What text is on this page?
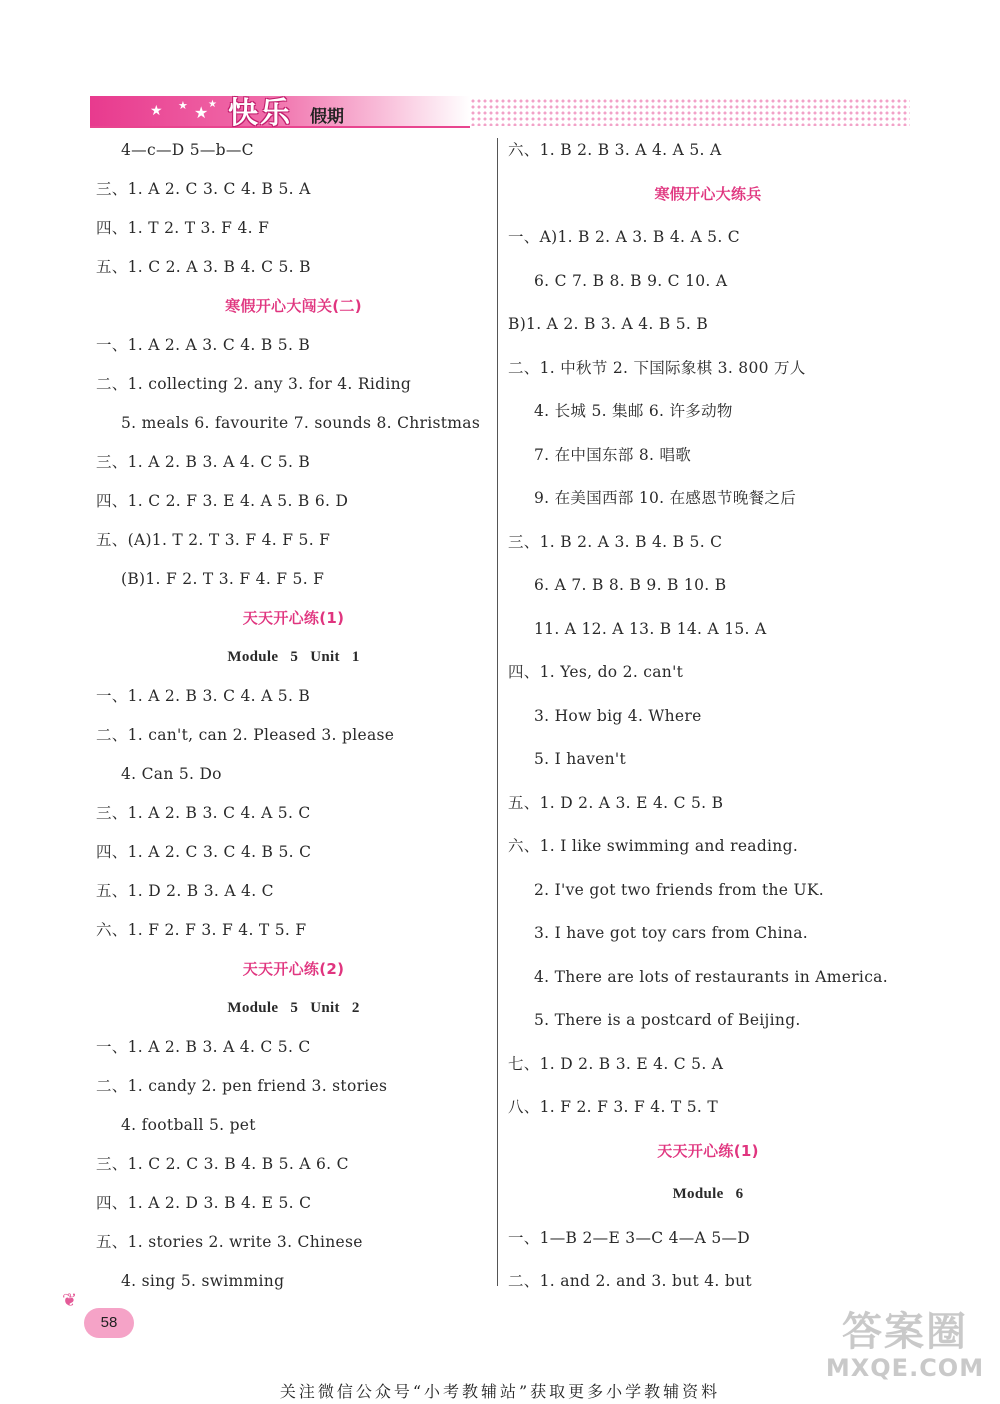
★ ★ ★ ★ 快乐 假期
4—c—D 5—b—C
三、1. A 2. C 3. C 4. B 5. A
四、1. T 2. T 3. F 4. F
五、1. C 2. A 3. B 4. C 5. B
寒假开心大闯关(二)
一、1. A 2. A 3. C 4. B 5. B
二、1. collecting 2. any 3. for 4. Riding
5. meals 6. favourite 7. sounds 8. Christmas
三、1. A 2. B 3. A 4. C 5. B
四、1. C 2. F 3. E 4. A 5. B 6. D
五、(A)1. T 2. T 3. F 4. F 5. F
(B)1. F 2. T 3. F 4. F 5. F
天天开心练(1)
Module 5 Unit 1
一、1. A 2. B 3. C 4. A 5. B
二、1. can't, can 2. Pleased 3. please
4. Can 5. Do
三、1. A 2. B 3. C 4. A 5. C
四、1. A 2. C 3. C 4. B 5. C
五、1. D 2. B 3. A 4. C
六、1. F 2. F 3. F 4. T 5. F
天天开心练(2)
Module 5 Unit 2
一、1. A 2. B 3. A 4. C 5. C
二、1. candy 2. pen friend 3. stories
4. football 5. pet
三、1. C 2. C 3. B 4. B 5. A 6. C
四、1. A 2. D 3. B 4. E 5. C
五、1. stories 2. write 3. Chinese
4. sing 5. swimming
六、1. B 2. B 3. A 4. A 5. A
寒假开心大练兵
一、A)1. B 2. A 3. B 4. A 5. C
6. C 7. B 8. B 9. C 10. A
B)1. A 2. B 3. A 4. B 5. B
二、1. 中秋节 2. 下国际象棋 3. 800 万人
4. 长城 5. 集邮 6. 许多动物
7. 在中国东部 8. 唱歌
9. 在美国西部 10. 在感恩节晚餐之后
三、1. B 2. A 3. B 4. B 5. C
6. A 7. B 8. B 9. B 10. B
11. A 12. A 13. B 14. A 15. A
四、1. Yes, do 2. can't
3. How big 4. Where
5. I haven't
五、1. D 2. A 3. E 4. C 5. B
六、1. I like swimming and reading.
2. I've got two friends from the UK.
3. I have got toy cars from China.
4. There are lots of restaurants in America.
5. There is a postcard of Beijing.
七、1. D 2. B 3. E 4. C 5. A
八、1. F 2. F 3. F 4. T 5. T
天天开心练(1)
Module 6
一、1—B 2—E 3—C 4—A 5—D
二、1. and 2. and 3. but 4. but
❦
58	答案圈
MXQE.COM
关注微信公众号“小考教辅站”获取更多小学教辅资料
